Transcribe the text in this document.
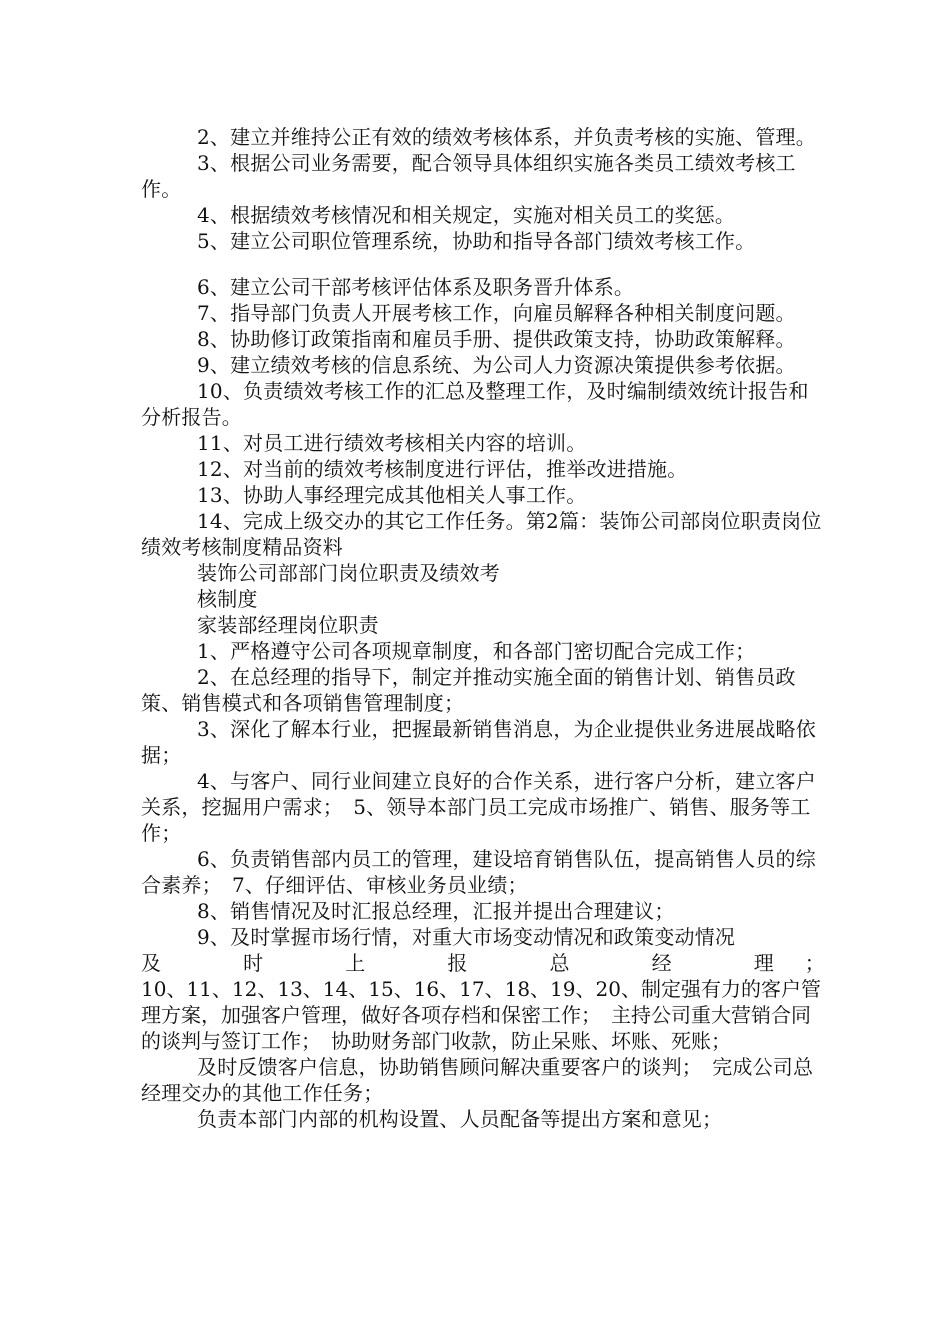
2、建立并维持公正有效的绩效考核体系，并负责考核的实施、管理。

3、根据公司业务需要，配合领导具体组织实施各类员工绩效考核工作。

4、根据绩效考核情况和相关规定，实施对相关员工的奖惩。

5、建立公司职位管理系统，协助和指导各部门绩效考核工作。

6、建立公司干部考核评估体系及职务晋升体系。

7、指导部门负责人开展考核工作，向雇员解释各种相关制度问题。

8、协助修订政策指南和雇员手册、提供政策支持，协助政策解释。

9、建立绩效考核的信息系统、为公司人力资源决策提供参考依据。

10、负责绩效考核工作的汇总及整理工作，及时编制绩效统计报告和分析报告。

11、对员工进行绩效考核相关内容的培训。

12、对当前的绩效考核制度进行评估，推举改进措施。

13、协助人事经理完成其他相关人事工作。

14、完成上级交办的其它工作任务。第2篇：装饰公司部岗位职责岗位绩效考核制度精品资料

装饰公司部部门岗位职责及绩效考

核制度

家装部经理岗位职责

1、严格遵守公司各项规章制度，和各部门密切配合完成工作；

2、在总经理的指导下，制定并推动实施全面的销售计划、销售员政策、销售模式和各项销售管理制度；

3、深化了解本行业，把握最新销售消息，为企业提供业务进展战略依据；

4、与客户、同行业间建立良好的合作关系，进行客户分析，建立客户关系，挖掘用户需求；　5、领导本部门员工完成市场推广、销售、服务等工作；

6、负责销售部内员工的管理，建设培育销售队伍，提高销售人员的综合素养；　7、仔细评估、审核业务员业绩；

8、销售情况及时汇报总经理，汇报并提出合理建议；

9、及时掌握市场行情，对重大市场变动情况和政策变动情况

及　时　上　报　总　经　理；

10、11、12、13、14、15、16、17、18、19、20、制定强有力的客户管理方案，加强客户管理，做好各项存档和保密工作；　主持公司重大营销合同的谈判与签订工作；　协助财务部门收款，防止呆账、坏账、死账；

及时反馈客户信息，协助销售顾问解决重要客户的谈判；　完成公司总经理交办的其他工作任务；

负责本部门内部的机构设置、人员配备等提出方案和意见；
